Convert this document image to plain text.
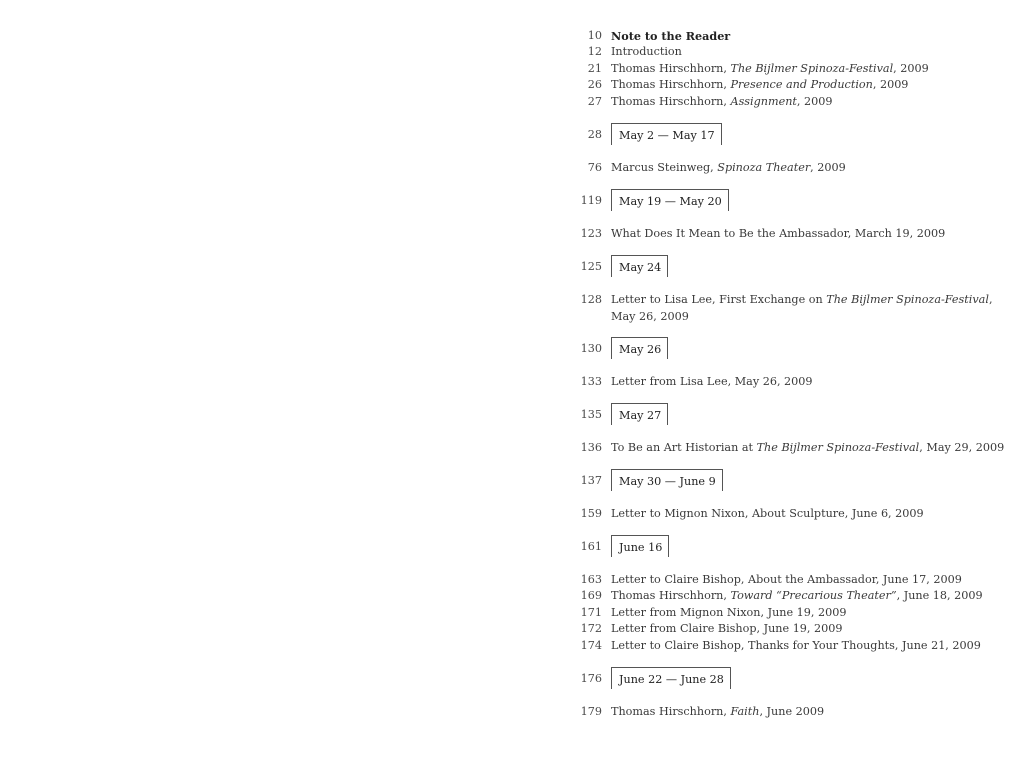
10 Note to the Reader
12 Introduction
21 Thomas Hirschhorn, The Bijlmer Spinoza-Festival, 2009
26 Thomas Hirschhorn, Presence and Production, 2009
27 Thomas Hirschhorn, Assignment, 2009
28 May 2 — May 17
76 Marcus Steinweg, Spinoza Theater, 2009
119 May 19 — May 20
123 What Does It Mean to Be the Ambassador, March 19, 2009
125 May 24
128 Letter to Lisa Lee, First Exchange on The Bijlmer Spinoza-Festival,
May 26, 2009
130 May 26
133 Letter from Lisa Lee, May 26, 2009
135 May 27
136 To Be an Art Historian at The Bijlmer Spinoza-Festival, May 29, 2009
137 May 30 — June 9
159 Letter to Mignon Nixon, About Sculpture, June 6, 2009
161 June 16
163 Letter to Claire Bishop, About the Ambassador, June 17, 2009
169 Thomas Hirschhorn, Toward “Precarious Theater”, June 18, 2009
171 Letter from Mignon Nixon, June 19, 2009
172 Letter from Claire Bishop, June 19, 2009
174 Letter to Claire Bishop, Thanks for Your Thoughts, June 21, 2009
176 June 22 — June 28
179 Thomas Hirschhorn, Faith, June 2009
